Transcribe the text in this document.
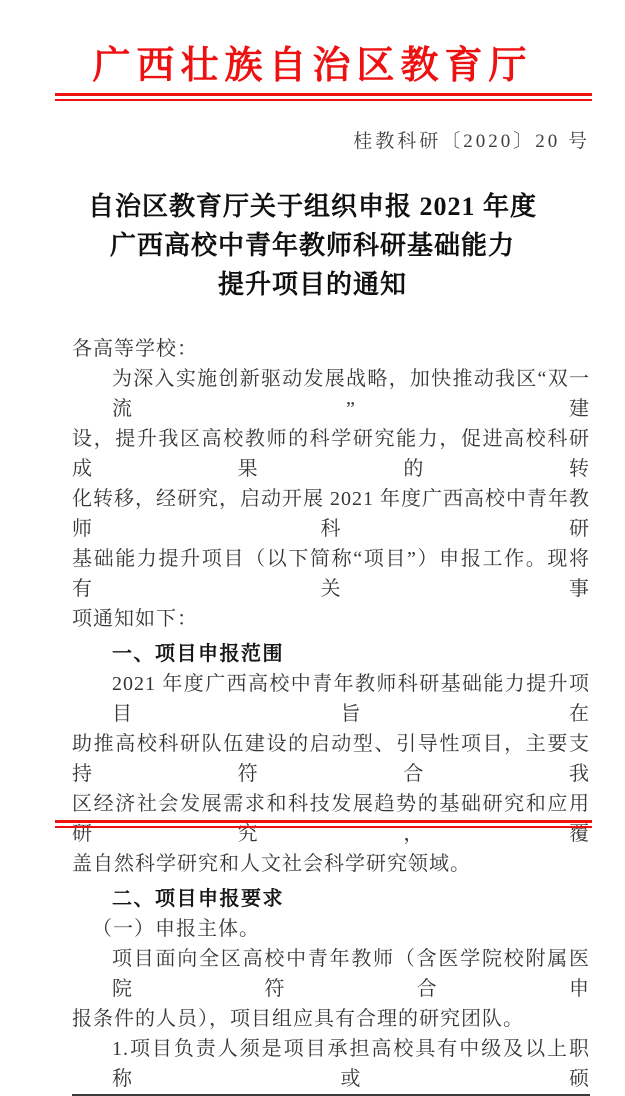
广西壮族自治区教育厅
桂教科研〔2020〕20 号
自治区教育厅关于组织申报 2021 年度
广西高校中青年教师科研基础能力
提升项目的通知
各高等学校：
为深入实施创新驱动发展战略，加快推动我区“双一流”建
设，提升我区高校教师的科学研究能力，促进高校科研成果的转
化转移，经研究，启动开展 2021 年度广西高校中青年教师科研
基础能力提升项目（以下简称“项目”）申报工作。现将有关事
项通知如下：
一、项目申报范围
2021 年度广西高校中青年教师科研基础能力提升项目旨在
助推高校科研队伍建设的启动型、引导性项目，主要支持符合我
区经济社会发展需求和科技发展趋势的基础研究和应用研究，覆
盖自然科学研究和人文社会科学研究领域。
二、项目申报要求
（一）申报主体。
项目面向全区高校中青年教师（含医学院校附属医院符合申
报条件的人员），项目组应具有合理的研究团队。
1.项目负责人须是项目承担高校具有中级及以上职称或硕
